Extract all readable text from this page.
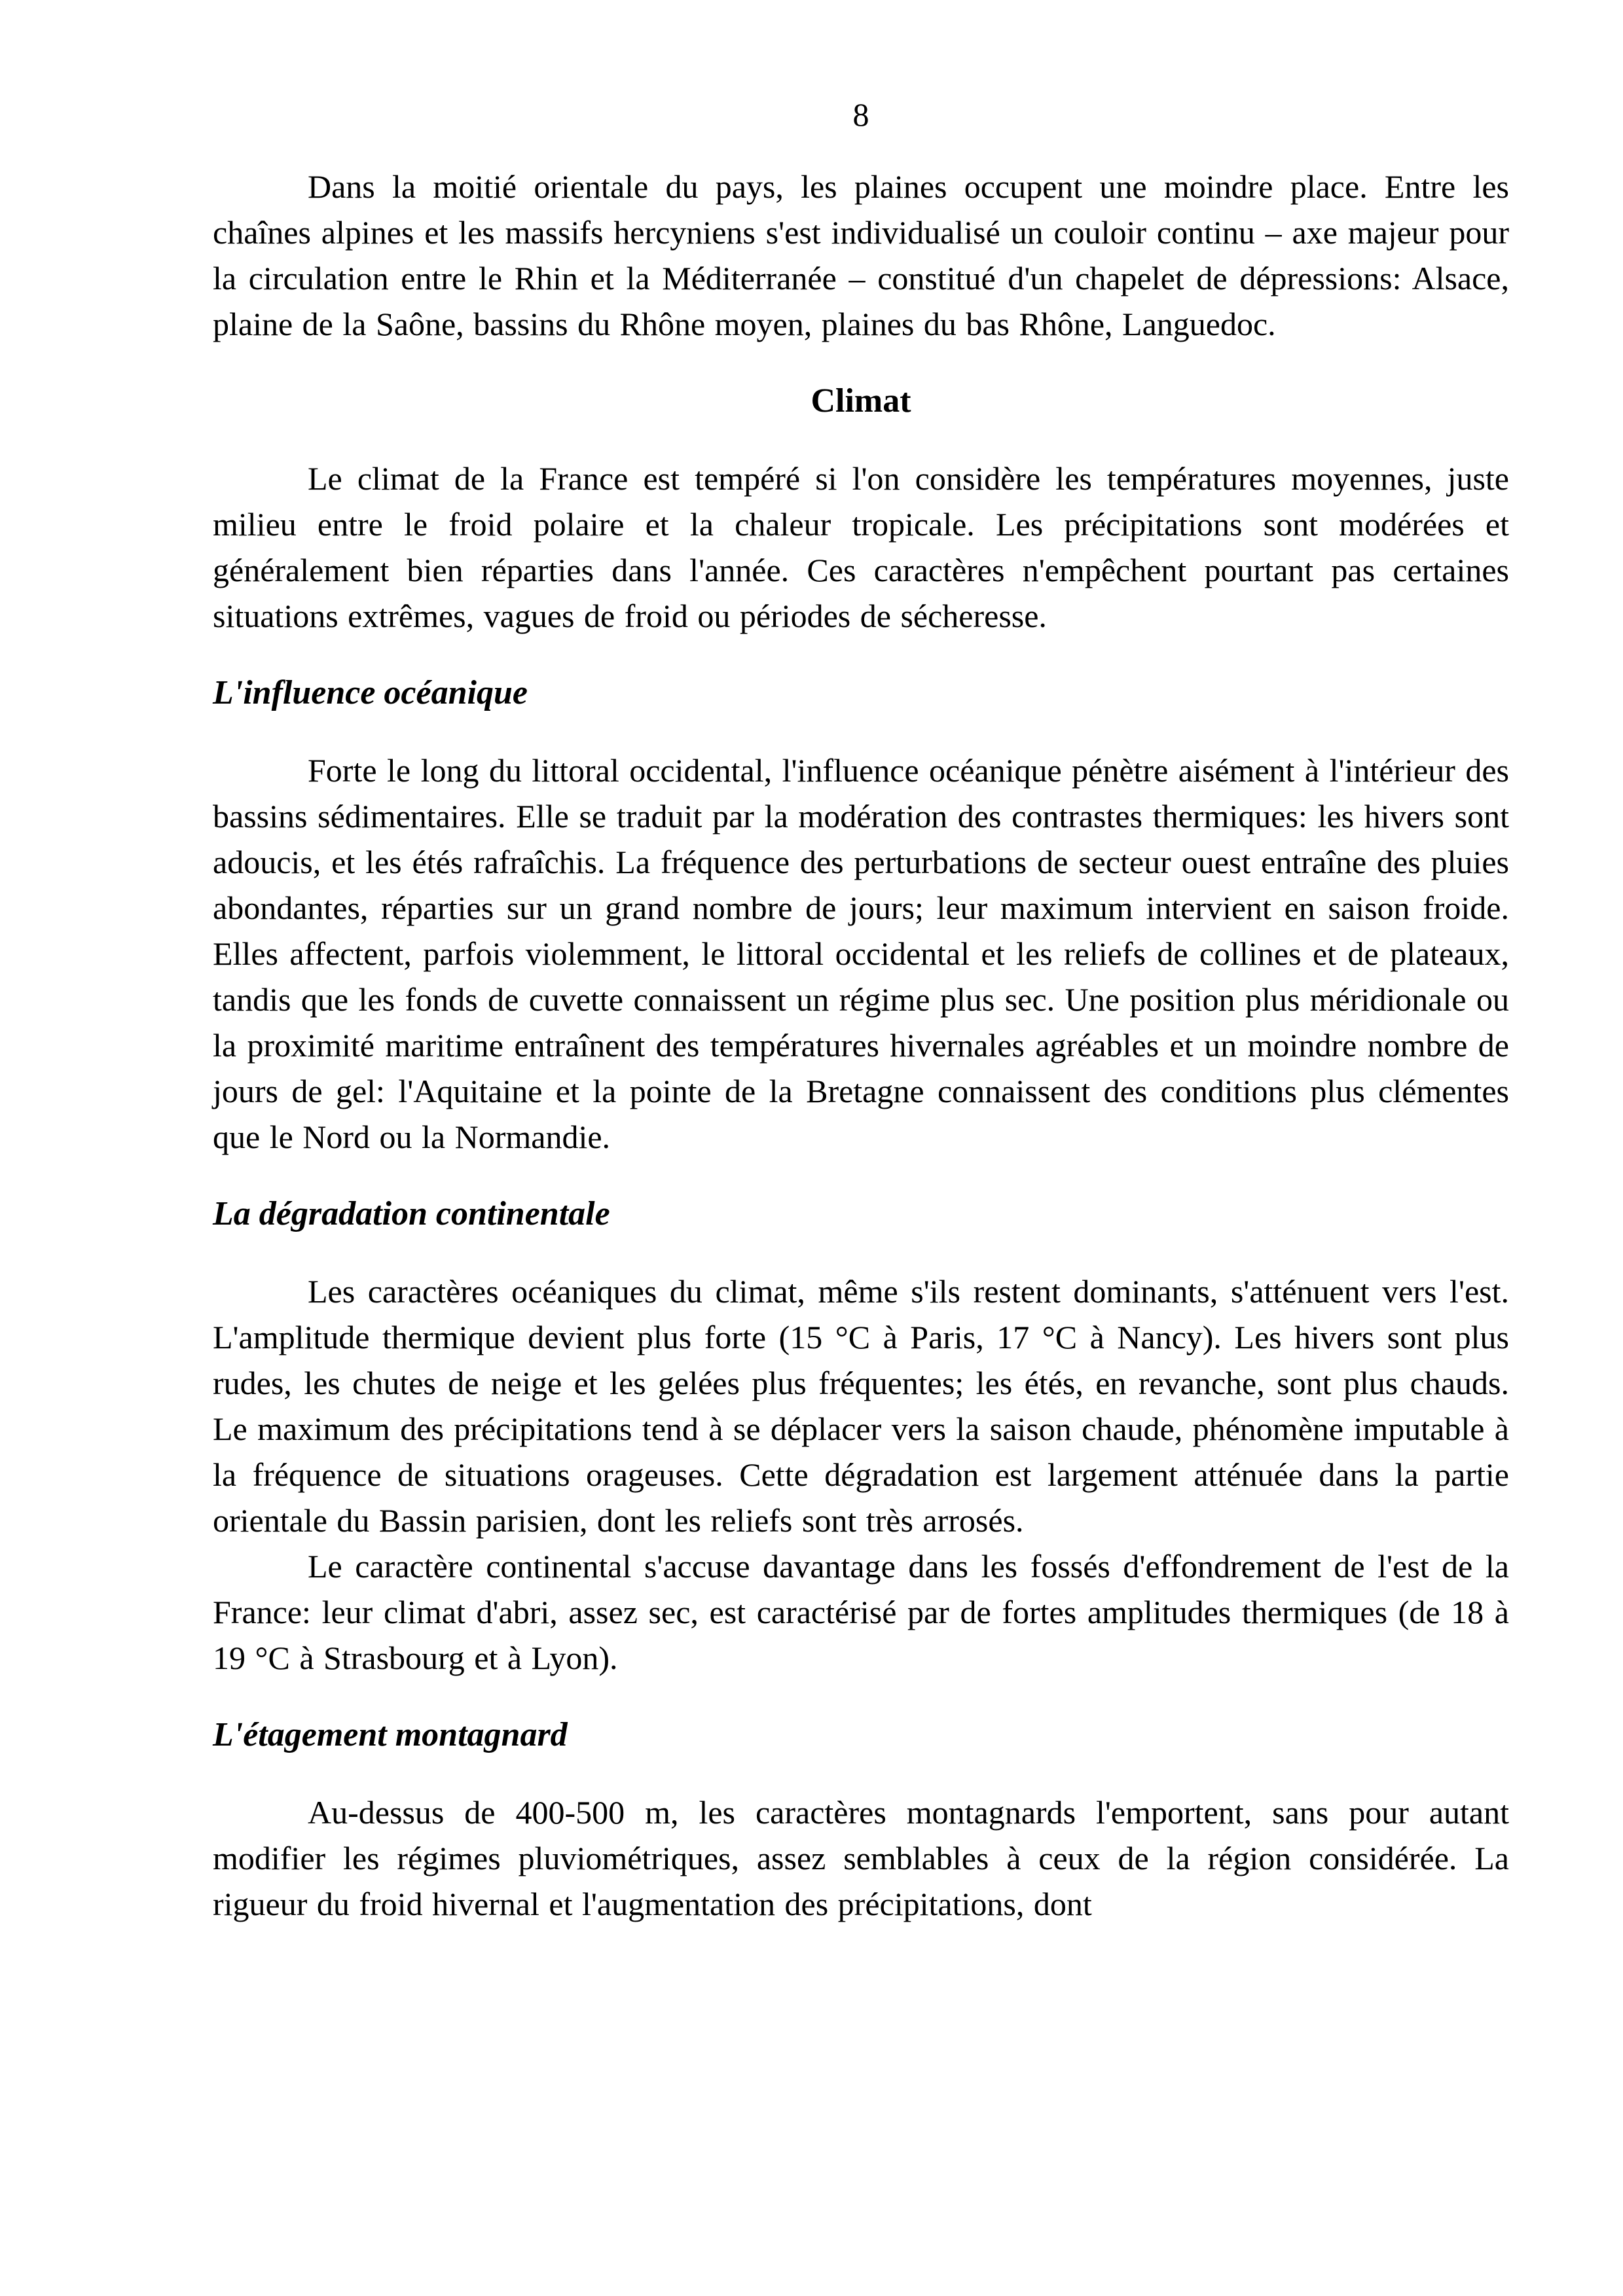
8

Dans la moitié orientale du pays, les plaines occupent une moindre place. Entre les chaînes alpines et les massifs hercyniens s'est individualisé un couloir continu – axe majeur pour la circulation entre le Rhin et la Méditerranée – constitué d'un chapelet de dépressions: Alsace, plaine de la Saône, bassins du Rhône moyen, plaines du bas Rhône, Languedoc.

Climat

Le climat de la France est tempéré si l'on considère les températures moyennes, juste milieu entre le froid polaire et la chaleur tropicale. Les précipitations sont modérées et généralement bien réparties dans l'année. Ces caractères n'empêchent pourtant pas certaines situations extrêmes, vagues de froid ou périodes de sécheresse.

L'influence océanique

Forte le long du littoral occidental, l'influence océanique pénètre aisément à l'intérieur des bassins sédimentaires. Elle se traduit par la modération des contrastes thermiques: les hivers sont adoucis, et les étés rafraîchis. La fréquence des perturbations de secteur ouest entraîne des pluies abondantes, réparties sur un grand nombre de jours; leur maximum intervient en saison froide. Elles affectent, parfois violemment, le littoral occidental et les reliefs de collines et de plateaux, tandis que les fonds de cuvette connaissent un régime plus sec. Une position plus méridionale ou la proximité maritime entraînent des températures hivernales agréables et un moindre nombre de jours de gel: l'Aquitaine et la pointe de la Bretagne connaissent des conditions plus clémentes que le Nord ou la Normandie.

La dégradation continentale

Les caractères océaniques du climat, même s'ils restent dominants, s'atténuent vers l'est. L'amplitude thermique devient plus forte (15 °C à Paris, 17 °C à Nancy). Les hivers sont plus rudes, les chutes de neige et les gelées plus fréquentes; les étés, en revanche, sont plus chauds. Le maximum des précipitations tend à se déplacer vers la saison chaude, phénomène imputable à la fréquence de situations orageuses. Cette dégradation est largement atténuée dans la partie orientale du Bassin parisien, dont les reliefs sont très arrosés.

Le caractère continental s'accuse davantage dans les fossés d'effondrement de l'est de la France: leur climat d'abri, assez sec, est caractérisé par de fortes amplitudes thermiques (de 18 à 19 °C à Strasbourg et à Lyon).

L'étagement montagnard

Au-dessus de 400-500 m, les caractères montagnards l'emportent, sans pour autant modifier les régimes pluviométriques, assez semblables à ceux de la région considérée. La rigueur du froid hivernal et l'augmentation des précipitations, dont
